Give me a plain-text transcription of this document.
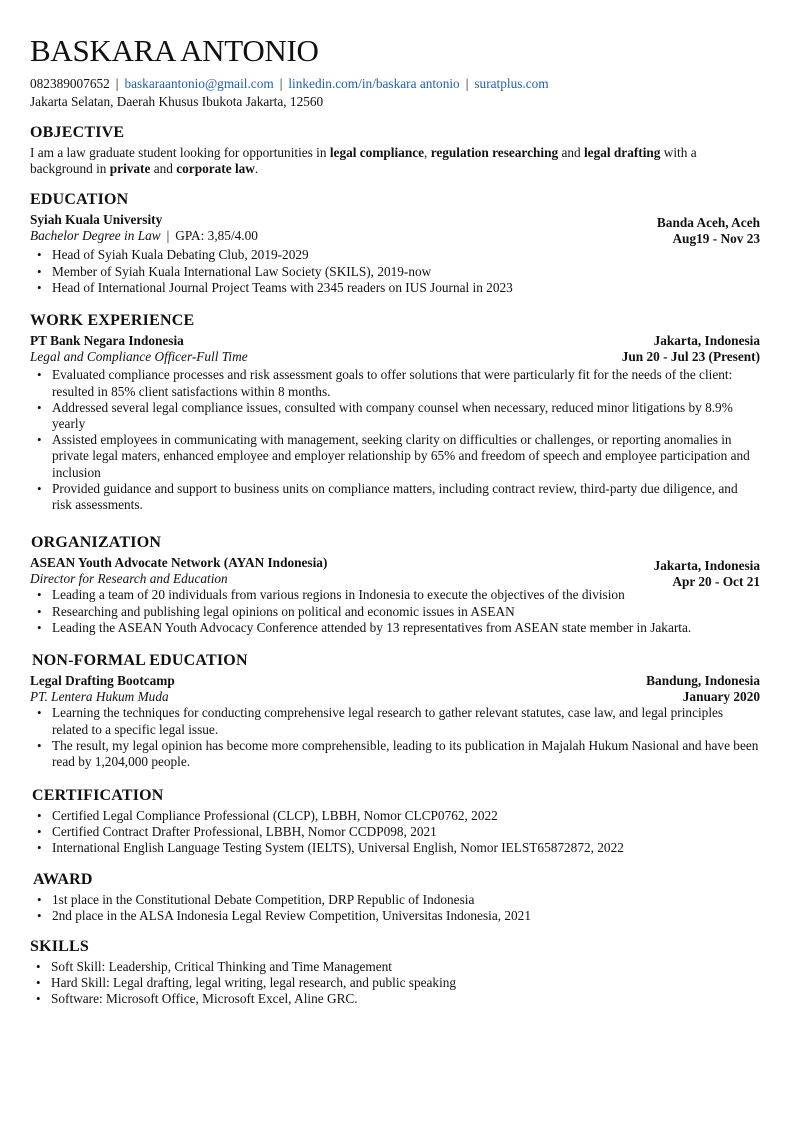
BASKARA ANTONIO
082389007652 | baskaraantonio@gmail.com | linkedin.com/in/baskara antonio | suratplus.com
Jakarta Selatan, Daerah Khusus Ibukota Jakarta, 12560
OBJECTIVE
I am a law graduate student looking for opportunities in legal compliance, regulation researching and legal drafting with a background in private and corporate law.
EDUCATION
Syiah Kuala University	Banda Aceh, Aceh
Bachelor Degree in Law | GPA: 3,85/4.00	Aug19 - Nov 23
• Head of Syiah Kuala Debating Club, 2019-2029
• Member of Syiah Kuala International Law Society (SKILS), 2019-now
• Head of International Journal Project Teams with 2345 readers on IUS Journal in 2023
WORK EXPERIENCE
PT Bank Negara Indonesia	Jakarta, Indonesia
Legal and Compliance Officer-Full Time	Jun 20 - Jul 23 (Present)
• Evaluated compliance processes and risk assessment goals to offer solutions that were particularly fit for the needs of the client: resulted in 85% client satisfactions within 8 months.
• Addressed several legal compliance issues, consulted with company counsel when necessary, reduced minor litigations by 8.9% yearly
• Assisted employees in communicating with management, seeking clarity on difficulties or challenges, or reporting anomalies in private legal maters, enhanced employee and employer relationship by 65% and freedom of speech and employee participation and inclusion
• Provided guidance and support to business units on compliance matters, including contract review, third-party due diligence, and risk assessments.
ORGANIZATION
ASEAN Youth Advocate Network (AYAN Indonesia)	Jakarta, Indonesia
Director for Research and Education	Apr 20 - Oct 21
• Leading a team of 20 individuals from various regions in Indonesia to execute the objectives of the division
• Researching and publishing legal opinions on political and economic issues in ASEAN
• Leading the ASEAN Youth Advocacy Conference attended by 13 representatives from ASEAN state member in Jakarta.
NON-FORMAL EDUCATION
Legal Drafting Bootcamp	Bandung, Indonesia
PT. Lentera Hukum Muda	January 2020
• Learning the techniques for conducting comprehensive legal research to gather relevant statutes, case law, and legal principles related to a specific legal issue.
• The result, my legal opinion has become more comprehensible, leading to its publication in Majalah Hukum Nasional and have been read by 1,204,000 people.
CERTIFICATION
• Certified Legal Compliance Professional (CLCP), LBBH, Nomor CLCP0762, 2022
• Certified Contract Drafter Professional, LBBH, Nomor CCDP098, 2021
• International English Language Testing System (IELTS), Universal English, Nomor IELST65872872, 2022
AWARD
• 1st place in the Constitutional Debate Competition, DRP Republic of Indonesia
• 2nd place in the ALSA Indonesia Legal Review Competition, Universitas Indonesia, 2021
SKILLS
• Soft Skill: Leadership, Critical Thinking and Time Management
• Hard Skill: Legal drafting, legal writing, legal research, and public speaking
• Software: Microsoft Office, Microsoft Excel, Aline GRC.
